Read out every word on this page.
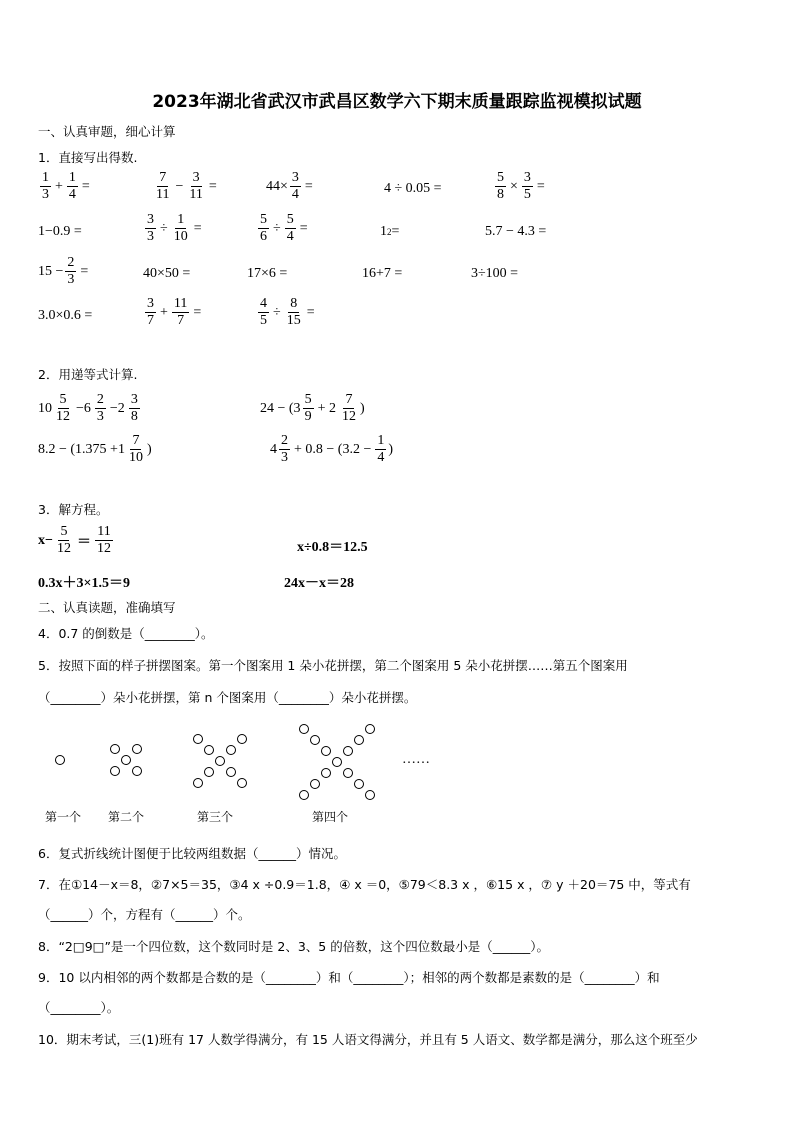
2023年湖北省武汉市武昌区数学六下期末质量跟踪监视模拟试题
一、认真审题，细心计算
1．直接写出得数.
$\frac{1}{3} + \frac{1}{4}$ =	$\frac{7}{11} - \frac{3}{11}$ =	$44\times \frac{3}{4}$ =	4 ÷ 0.05 =	$\frac{5}{8} \times \frac{3}{5}$ =
1−0.9 =	$\frac{3}{3} \div \frac{1}{10}$ =	$\frac{5}{6} \div \frac{5}{4}$ =	1 2 =	5.7 − 4.3 =
$15 - \frac{2}{3}$ =	40×50 =	17×6 =	16+7 =	3÷100 =
3.0×0.6 =	$\frac{3}{7} + \frac{11}{7}$ =	$\frac{4}{5} \div \frac{8}{15}$ =
2．用递等式计算.
$10 \frac{5}{12} -6 \frac{2}{3} -2 \frac{3}{8}$	$24 - (3 \frac{5}{9} + 2 \frac{7}{12}$ )
$8.2 - (1.375 +1 \frac{7}{10}$ )	$4 \frac{2}{3} + 0.8 - (3.2 - \frac{1}{4}$ )
3．解方程。
$x- \frac{5}{12} = \frac{11}{12}$	x÷0.8＝12.5
0.3x＋3×1.5＝9	24x－x＝28
二、认真读题，准确填写
4．0.7 的倒数是（________）。
5．按照下面的样子拼摆图案。第一个图案用 1 朵小花拼摆，第二个图案用 5 朵小花拼摆……第五个图案用
（________）朵小花拼摆，第 n 个图案用（________）朵小花拼摆。
……
第一个 第二个	第三个	第四个
6．复式折线统计图便于比较两组数据（______）情况。
7．在①14－x＝8，②7×5＝35，③4 x ÷0.9＝1.8，④ x ＝0，⑤79＜8.3 x ，⑥15 x ，⑦ y ＋20＝75 中，等式有
（______）个，方程有（______）个。
8．“2□9□”是一个四位数，这个数同时是 2、3、5 的倍数，这个四位数最小是（______）。
9．10 以内相邻的两个数都是合数的是（________）和（________）；相邻的两个数都是素数的是（________）和
（________）。
10．期末考试，三(1)班有 17 人数学得满分，有 15 人语文得满分，并且有 5 人语文、数学都是满分，那么这个班至少
